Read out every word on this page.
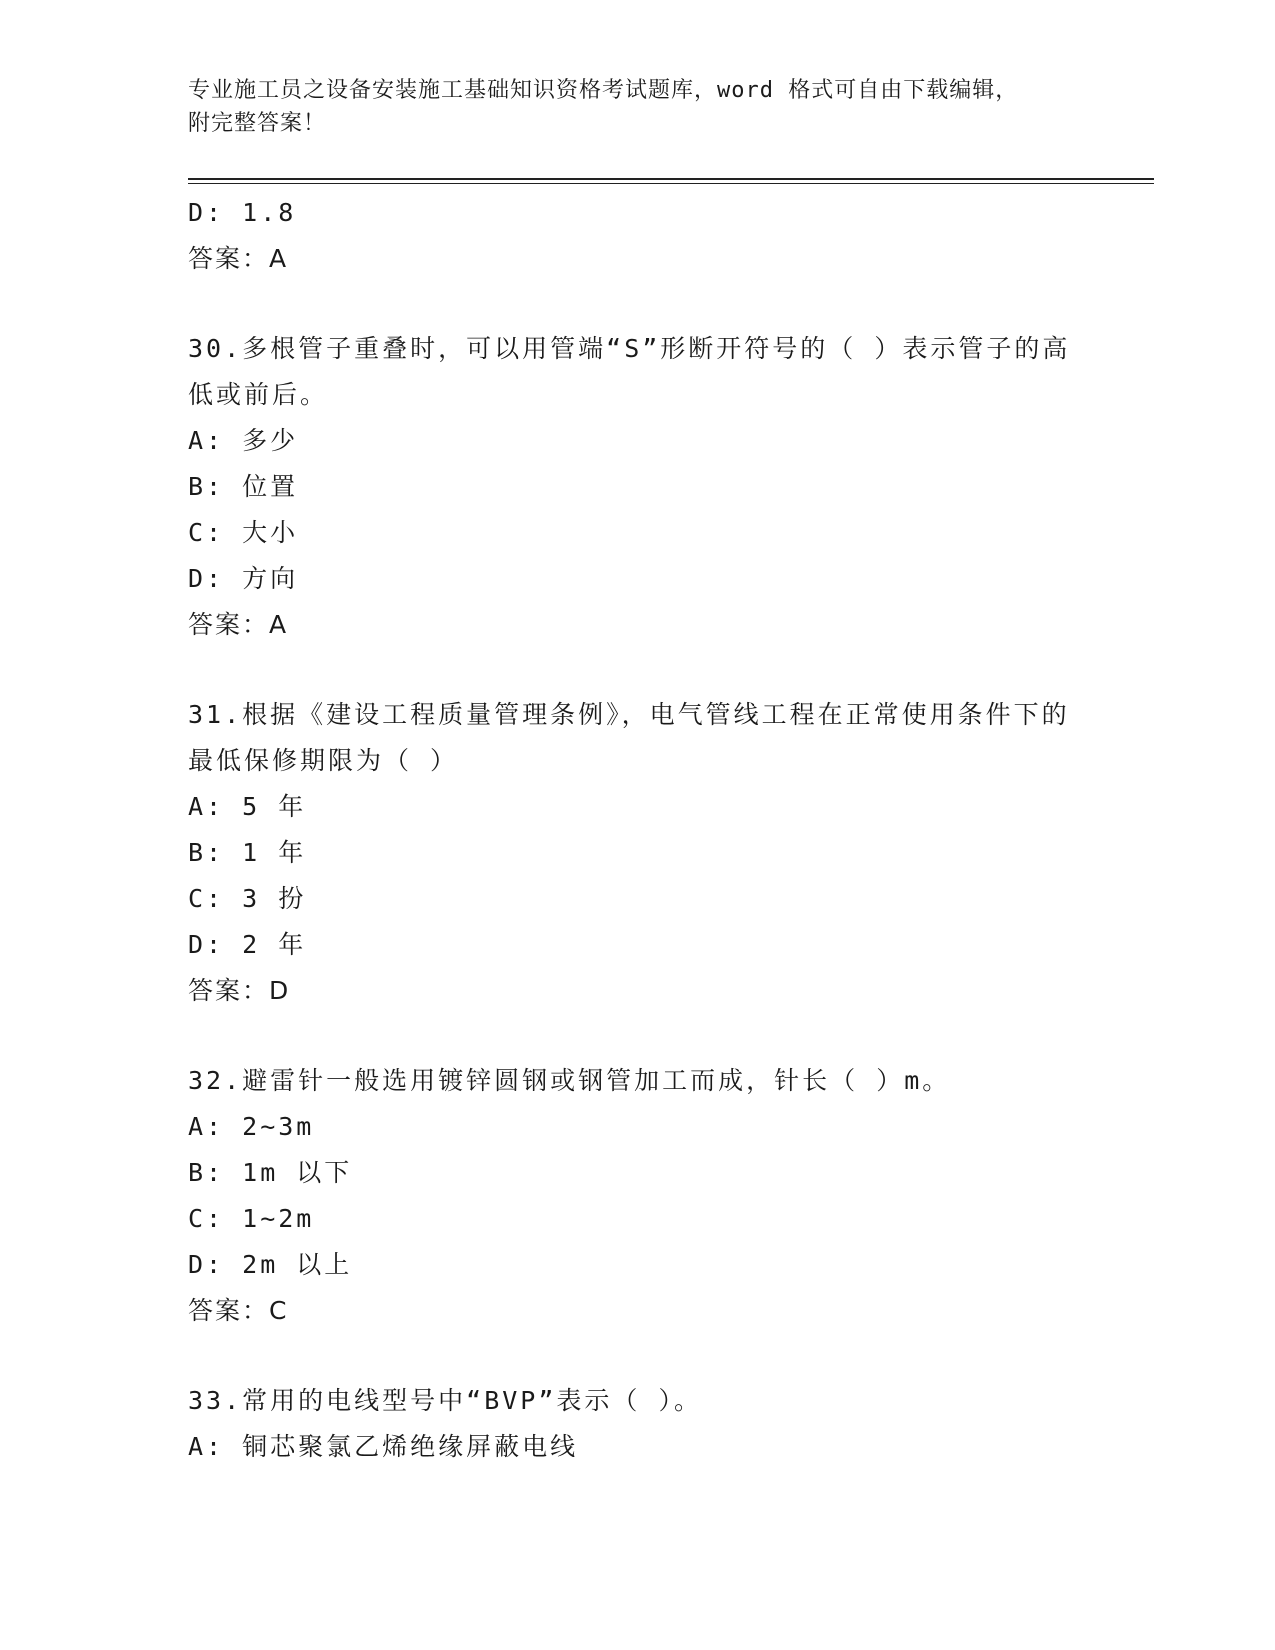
专业施工员之设备安装施工基础知识资格考试题库，word 格式可自由下载编辑，
附完整答案！
D: 1.8
答案：A
30.多根管子重叠时，可以用管端“S”形断开符号的（ ）表示管子的高低或前后。
A: 多少
B: 位置
C: 大小
D: 方向
答案：A
31.根据《建设工程质量管理条例》，电气管线工程在正常使用条件下的最低保修期限为（ ）
A: 5 年
B: 1 年
C: 3 扮
D: 2 年
答案：D
32.避雷针一般选用镀锌圆钢或钢管加工而成，针长（ ）m。
A: 2~3m
B: 1m 以下
C: 1~2m
D: 2m 以上
答案：C
33.常用的电线型号中“BVP”表示（ ）。
A: 铜芯聚氯乙烯绝缘屏蔽电线
